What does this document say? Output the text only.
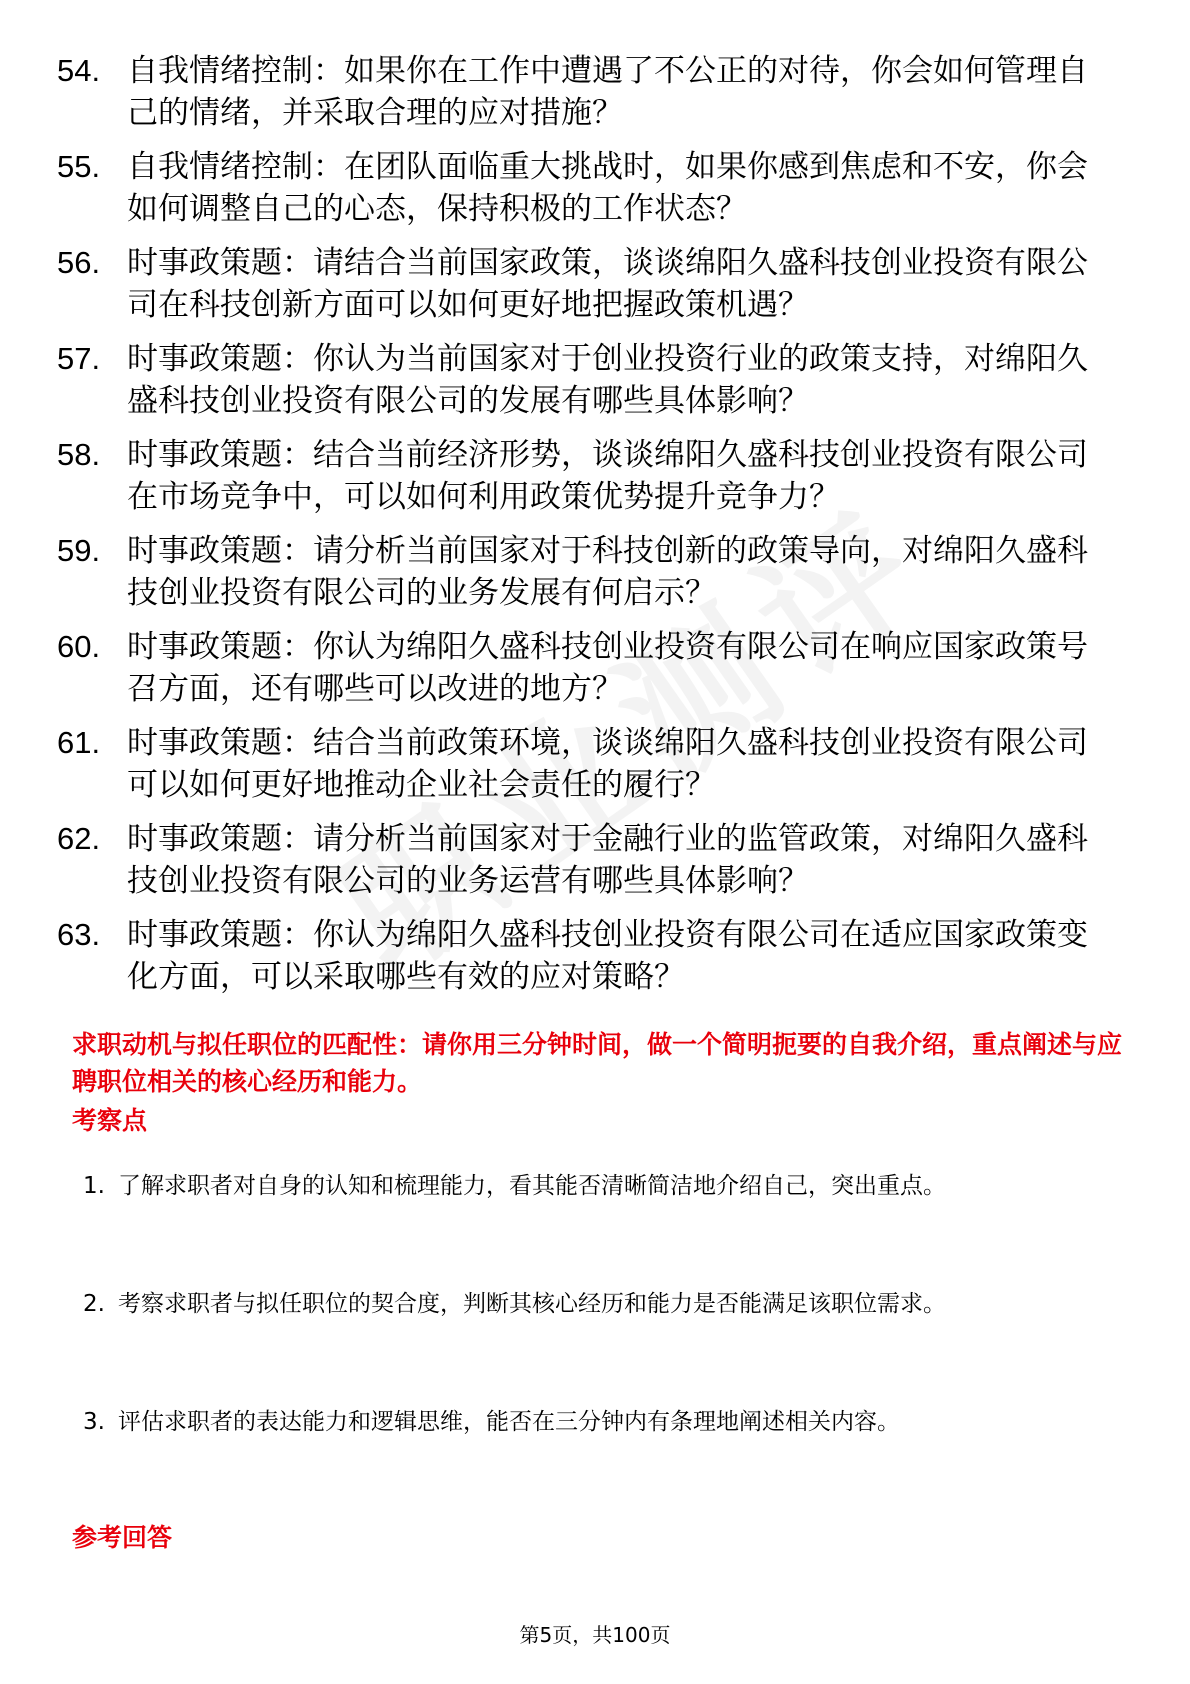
54. 自我情绪控制：如果你在工作中遭遇了不公正的对待，你会如何管理自己的情绪，并采取合理的应对措施？
55. 自我情绪控制：在团队面临重大挑战时，如果你感到焦虑和不安，你会如何调整自己的心态，保持积极的工作状态？
56. 时事政策题：请结合当前国家政策，谈谈绵阳久盛科技创业投资有限公司在科技创新方面可以如何更好地把握政策机遇？
57. 时事政策题：你认为当前国家对于创业投资行业的政策支持，对绵阳久盛科技创业投资有限公司的发展有哪些具体影响？
58. 时事政策题：结合当前经济形势，谈谈绵阳久盛科技创业投资有限公司在市场竞争中，可以如何利用政策优势提升竞争力？
59. 时事政策题：请分析当前国家对于科技创新的政策导向，对绵阳久盛科技创业投资有限公司的业务发展有何启示？
60. 时事政策题：你认为绵阳久盛科技创业投资有限公司在响应国家政策号召方面，还有哪些可以改进的地方？
61. 时事政策题：结合当前政策环境，谈谈绵阳久盛科技创业投资有限公司可以如何更好地推动企业社会责任的履行？
62. 时事政策题：请分析当前国家对于金融行业的监管政策，对绵阳久盛科技创业投资有限公司的业务运营有哪些具体影响？
63. 时事政策题：你认为绵阳久盛科技创业投资有限公司在适应国家政策变化方面，可以采取哪些有效的应对策略？
求职动机与拟任职位的匹配性：请你用三分钟时间，做一个简明扼要的自我介绍，重点阐述与应聘职位相关的核心经历和能力。
考察点
1. 了解求职者对自身的认知和梳理能力，看其能否清晰简洁地介绍自己，突出重点。
2. 考察求职者与拟任职位的契合度，判断其核心经历和能力是否能满足该职位需求。
3. 评估求职者的表达能力和逻辑思维，能否在三分钟内有条理地阐述相关内容。
参考回答
第5页，共100页
